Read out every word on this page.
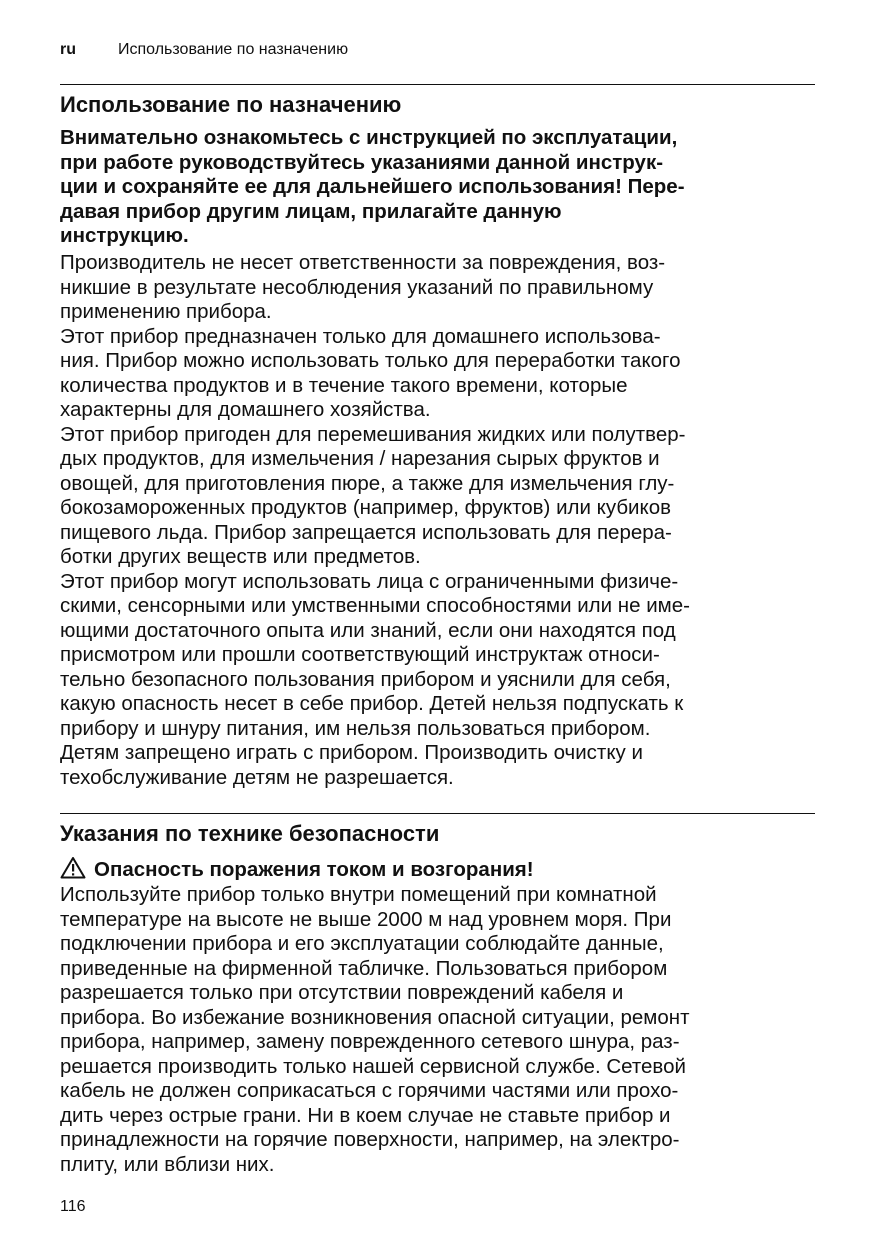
ru	Использование по назначению
Использование по назначению
Внимательно ознакомьтесь с инструкцией по эксплуатации,
при работе руководствуйтесь указаниями данной инструк-
ции и сохраняйте ее для дальнейшего использования! Пере-
давая прибор другим лицам, прилагайте данную
инструкцию.
Производитель не несет ответственности за повреждения, воз-
никшие в результате несоблюдения указаний по правильному
применению прибора.
Этот прибор предназначен только для домашнего использова-
ния. Прибор можно использовать только для переработки такого
количества продуктов и в течение такого времени, которые
характерны для домашнего хозяйства.
Этот прибор пригоден для перемешивания жидких или полутвер-
дых продуктов, для измельчения / нарезания сырых фруктов и
овощей, для приготовления пюре, а также для измельчения глу-
бокозамороженных продуктов (например, фруктов) или кубиков
пищевого льда. Прибор запрещается использовать для перера-
ботки других веществ или предметов.
Этот прибор могут использовать лица с ограниченными физиче-
скими, сенсорными или умственными способностями или не име-
ющими достаточного опыта или знаний, если они находятся под
присмотром или прошли соответствующий инструктаж относи-
тельно безопасного пользования прибором и уяснили для себя,
какую опасность несет в себе прибор. Детей нельзя подпускать к
прибору и шнуру питания, им нельзя пользоваться прибором.
Детям запрещено играть с прибором. Производить очистку и
техобслуживание детям не разрешается.
Указания по технике безопасности
Опасность поражения током и возгорания!
Используйте прибор только внутри помещений при комнатной
температуре на высоте не выше 2000 м над уровнем моря. При
подключении прибора и его эксплуатации соблюдайте данные,
приведенные на фирменной табличке. Пользоваться прибором
разрешается только при отсутствии повреждений кабеля и
прибора. Во избежание возникновения опасной ситуации, ремонт
прибора, например, замену поврежденного сетевого шнура, раз-
решается производить только нашей сервисной службе. Сетевой
кабель не должен соприкасаться с горячими частями или прохо-
дить через острые грани. Ни в коем случае не ставьте прибор и
принадлежности на горячие поверхности, например, на электро-
плиту, или вблизи них.
116
